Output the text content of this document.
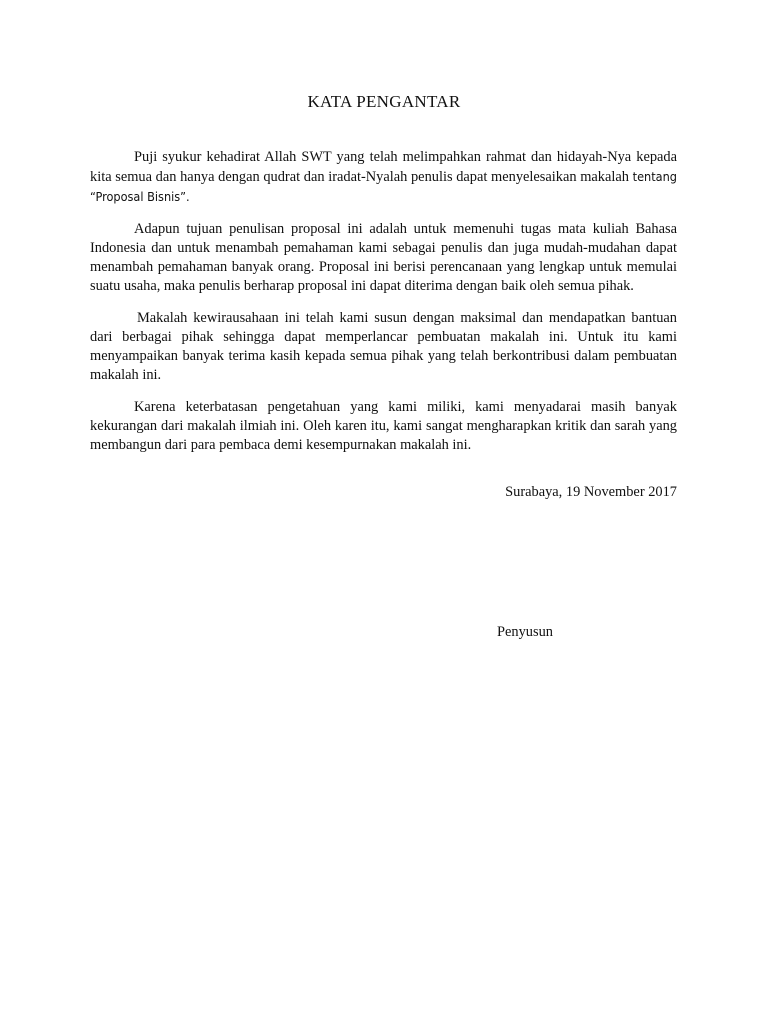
KATA PENGANTAR

Puji syukur kehadirat Allah SWT yang telah melimpahkan rahmat dan hidayah-Nya kepada kita semua dan hanya dengan qudrat dan iradat-Nyalah penulis dapat menyelesaikan makalah tentang “Proposal Bisnis”.

Adapun tujuan penulisan proposal ini adalah untuk memenuhi tugas mata kuliah Bahasa Indonesia dan untuk menambah pemahaman kami sebagai penulis dan juga mudah-mudahan dapat menambah pemahaman banyak orang. Proposal ini berisi perencanaan yang lengkap untuk memulai suatu usaha, maka penulis berharap proposal ini dapat diterima dengan baik oleh semua pihak.

Makalah kewirausahaan ini telah kami susun dengan maksimal dan mendapatkan bantuan dari berbagai pihak sehingga dapat memperlancar pembuatan makalah ini. Untuk itu kami menyampaikan banyak terima kasih kepada semua pihak yang telah berkontribusi dalam pembuatan makalah ini.

Karena keterbatasan pengetahuan yang kami miliki, kami menyadarai masih banyak kekurangan dari makalah ilmiah ini. Oleh karen itu, kami sangat mengharapkan kritik dan sarah yang membangun dari para pembaca demi kesempurnakan makalah ini.

Surabaya, 19 November 2017

Penyusun
